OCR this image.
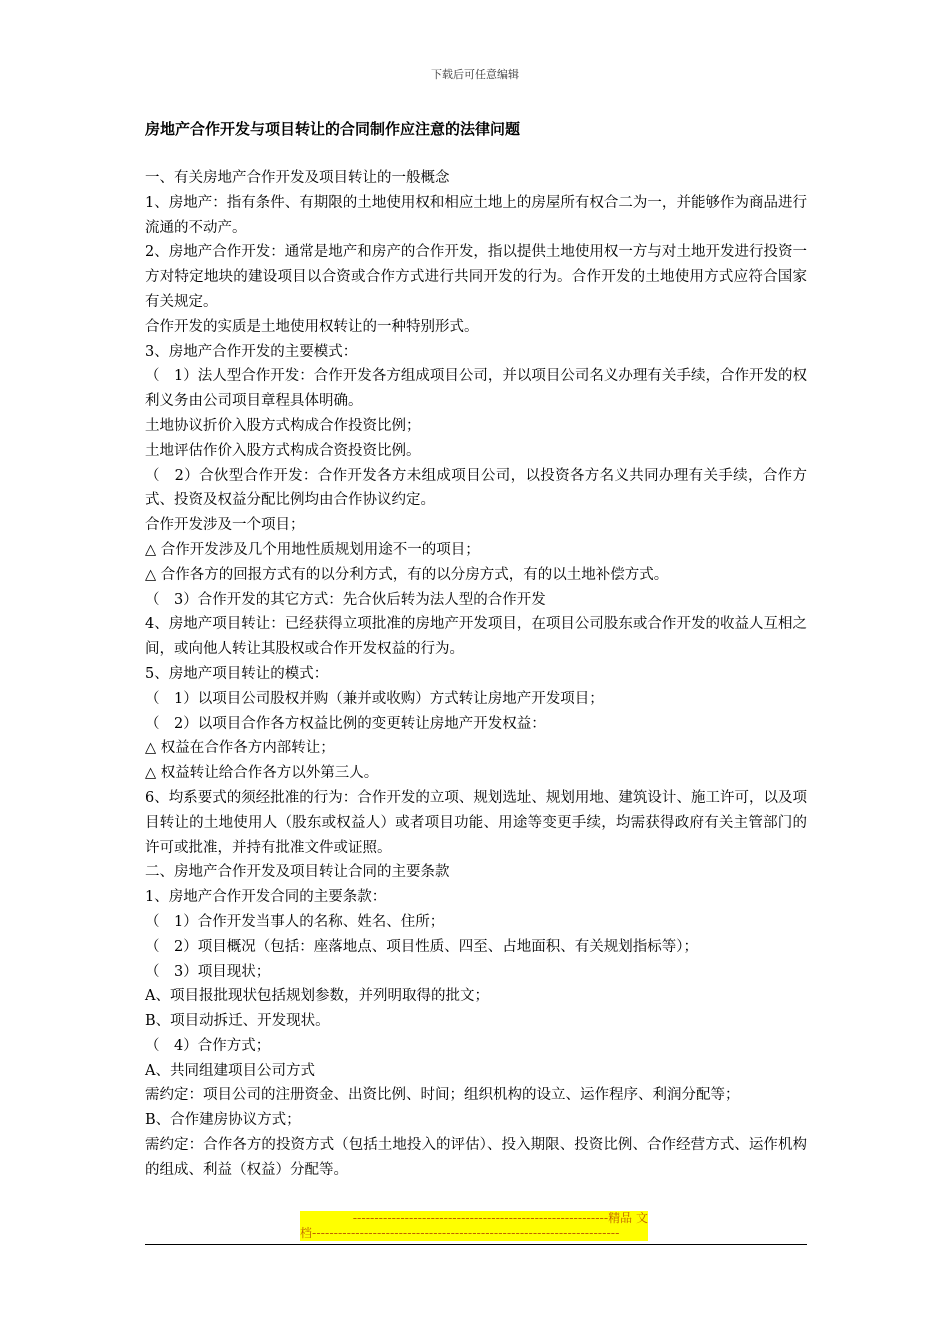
下载后可任意编辑
房地产合作开发与项目转让的合同制作应注意的法律问题

一、有关房地产合作开发及项目转让的一般概念

1、房地产：指有条件、有期限的土地使用权和相应土地上的房屋所有权合二为一，并能够作为商品进行流通的不动产。

2、房地产合作开发：通常是地产和房产的合作开发，指以提供土地使用权一方与对土地开发进行投资一方对特定地块的建设项目以合资或合作方式进行共同开发的行为。合作开发的土地使用方式应符合国家有关规定。

合作开发的实质是土地使用权转让的一种特别形式。

3、房地产合作开发的主要模式：

（　1）法人型合作开发：合作开发各方组成项目公司，并以项目公司名义办理有关手续，合作开发的权利义务由公司项目章程具体明确。

土地协议折价入股方式构成合作投资比例；

土地评估作价入股方式构成合资投资比例。

（　2）合伙型合作开发：合作开发各方未组成项目公司，以投资各方名义共同办理有关手续，合作方式、投资及权益分配比例均由合作协议约定。

合作开发涉及一个项目；

△ 合作开发涉及几个用地性质规划用途不一的项目；

△ 合作各方的回报方式有的以分利方式，有的以分房方式，有的以土地补偿方式。

（　3）合作开发的其它方式：先合伙后转为法人型的合作开发

4、房地产项目转让：已经获得立项批准的房地产开发项目，在项目公司股东或合作开发的收益人互相之间，或向他人转让其股权或合作开发权益的行为。

5、房地产项目转让的模式：

（　1）以项目公司股权并购（兼并或收购）方式转让房地产开发项目；

（　2）以项目合作各方权益比例的变更转让房地产开发权益：

△ 权益在合作各方内部转让；

△ 权益转让给合作各方以外第三人。

6、均系要式的须经批准的行为：合作开发的立项、规划选址、规划用地、建筑设计、施工许可，以及项目转让的土地使用人（股东或权益人）或者项目功能、用途等变更手续，均需获得政府有关主管部门的许可或批准，并持有批准文件或证照。

二、房地产合作开发及项目转让合同的主要条款

1、房地产合作开发合同的主要条款：

（　1）合作开发当事人的名称、姓名、住所；

（　2）项目概况（包括：座落地点、项目性质、四至、占地面积、有关规划指标等）；

（　3）项目现状；

A、项目报批现状包括规划参数，并列明取得的批文；

B、项目动拆迁、开发现状。

（　4）合作方式；

A、共同组建项目公司方式

需约定：项目公司的注册资金、出资比例、时间；组织机构的设立、运作程序、利润分配等；

B、合作建房协议方式；

需约定：合作各方的投资方式（包括土地投入的评估）、投入期限、投资比例、合作经营方式、运作机构的组成、利益（权益）分配等。

-----------------------------------------------------------精品 文
档-----------------------------------------------------------------------
